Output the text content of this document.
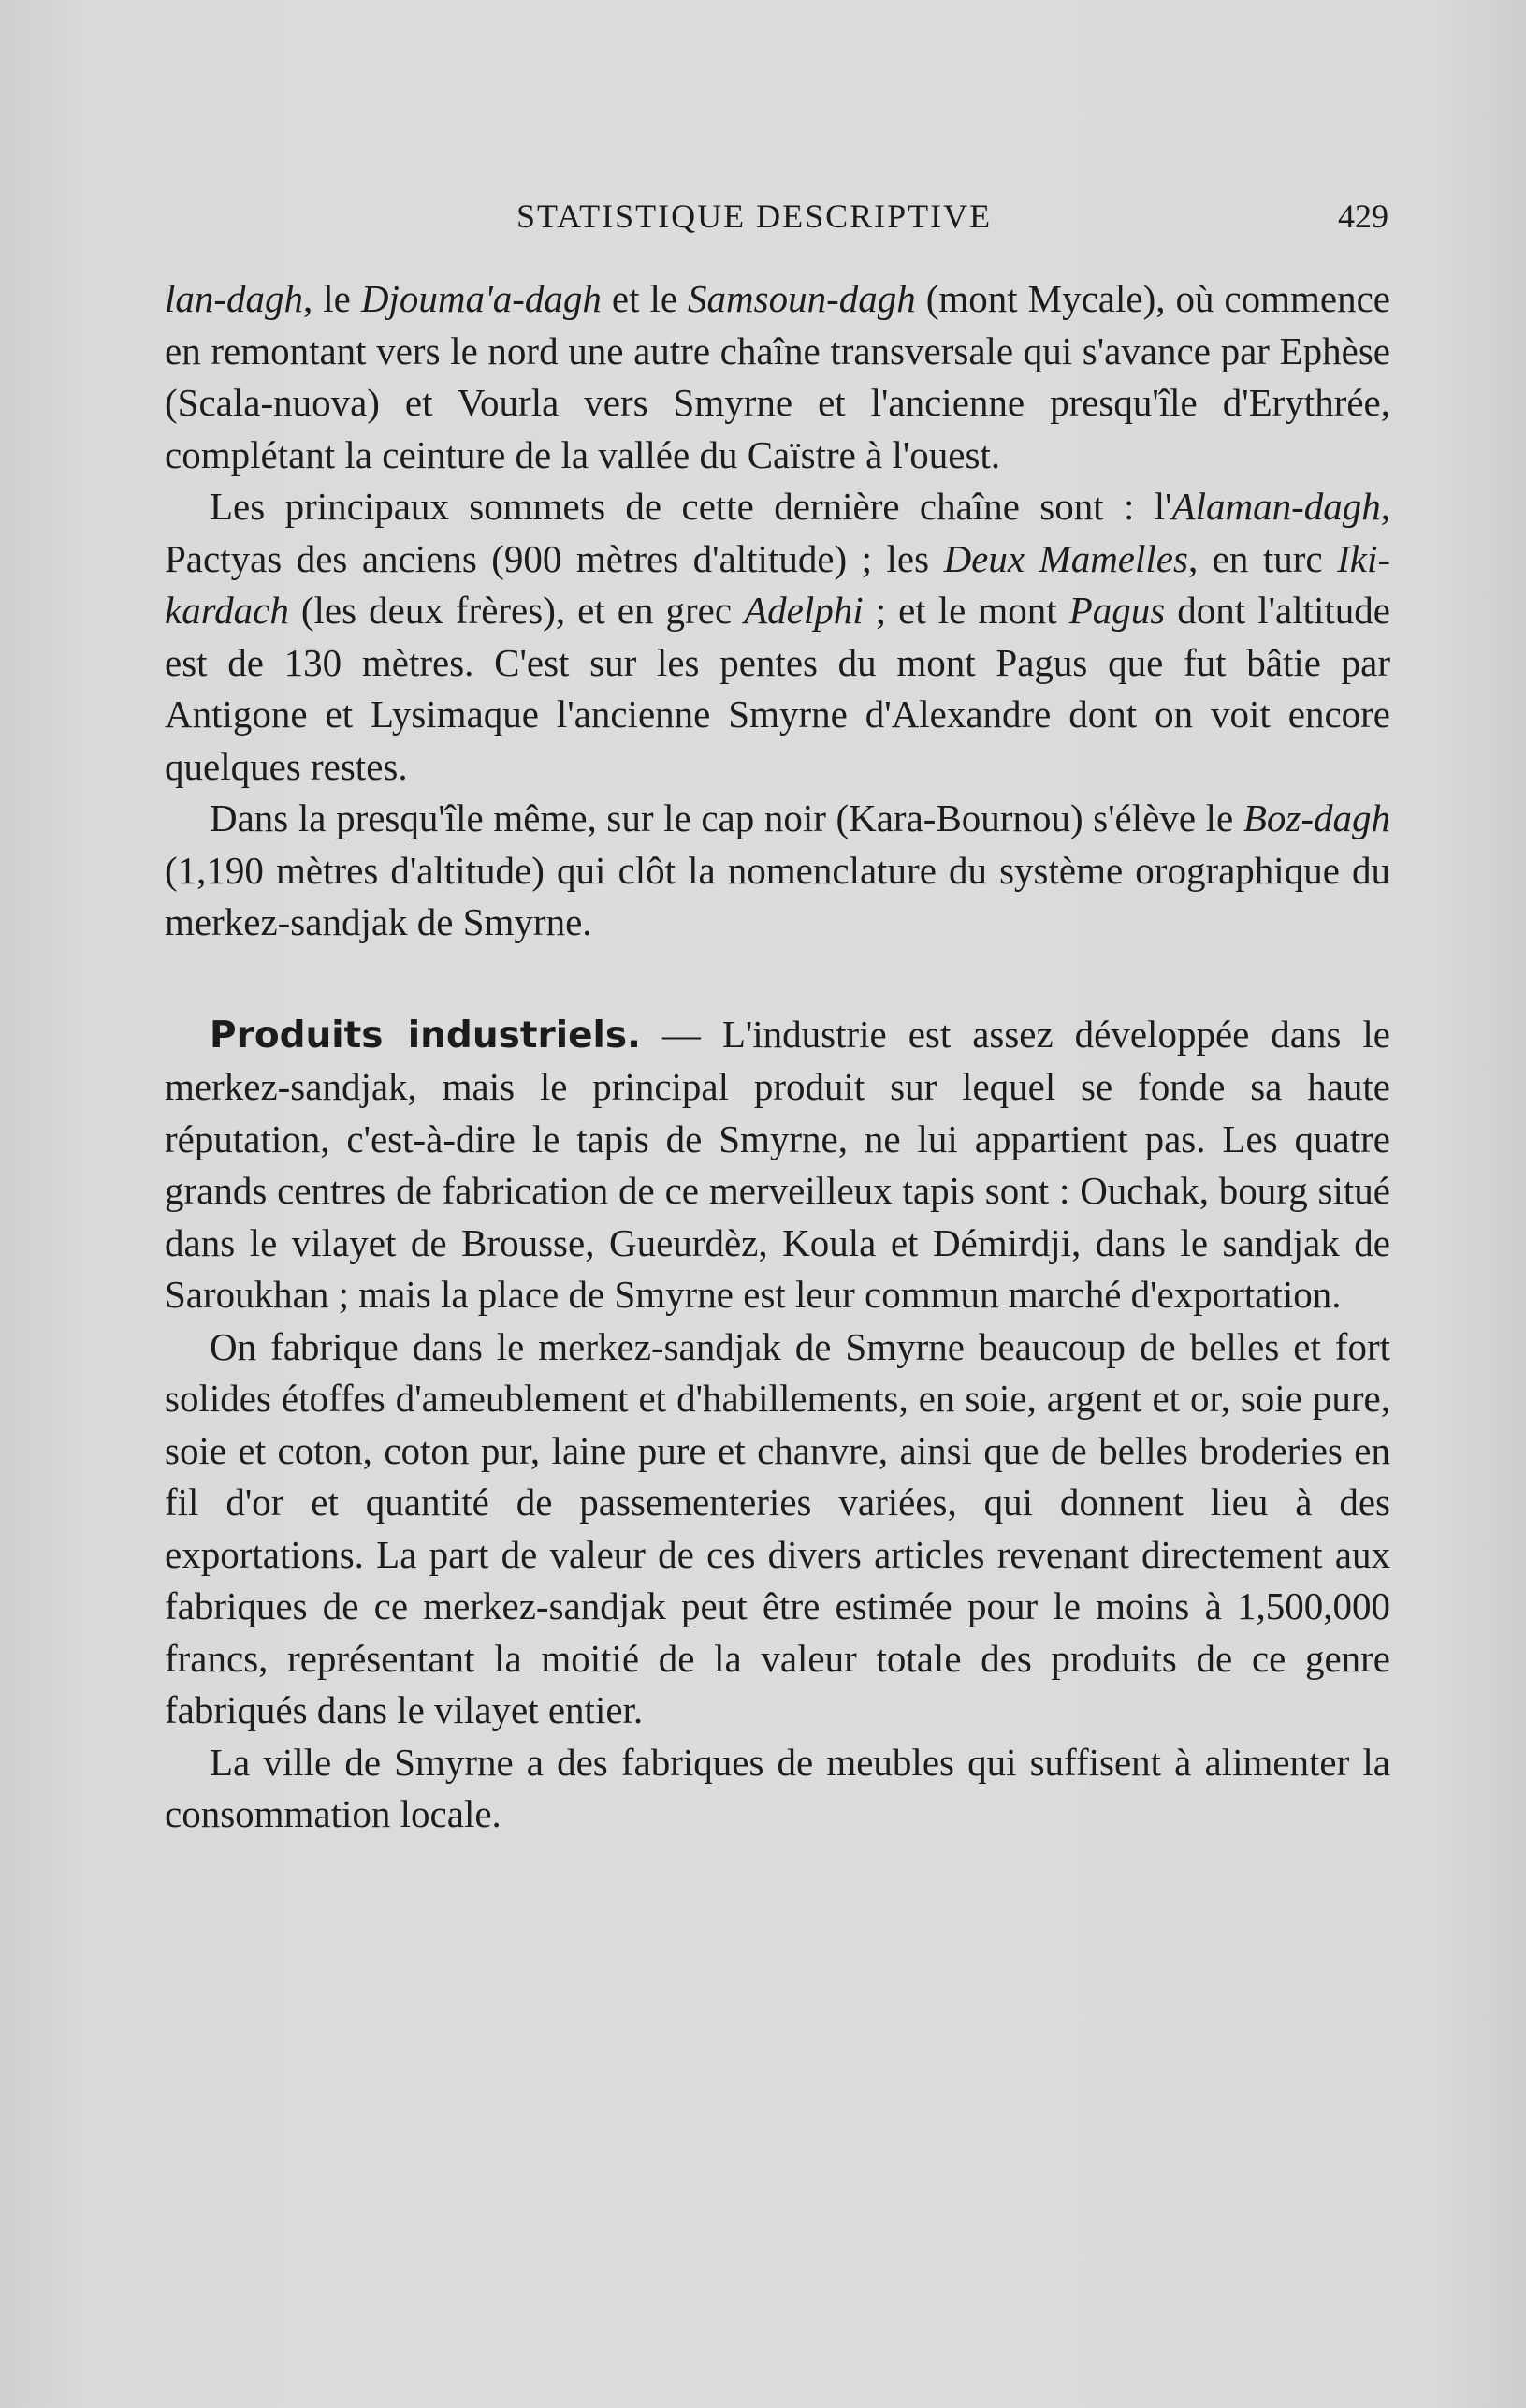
STATISTIQUE DESCRIPTIVE	429

lan-dagh, le Djouma'a-dagh et le Samsoun-dagh (mont Mycale), où commence en remontant vers le nord une autre chaîne transversale qui s'avance par Ephèse (Scala-nuova) et Vourla vers Smyrne et l'ancienne presqu'île d'Erythrée, complétant la ceinture de la vallée du Caïstre à l'ouest.

Les principaux sommets de cette dernière chaîne sont : l'Alaman-dagh, Pactyas des anciens (900 mètres d'altitude) ; les Deux Mamelles, en turc Iki-kardach (les deux frères), et en grec Adelphi ; et le mont Pagus dont l'altitude est de 130 mètres. C'est sur les pentes du mont Pagus que fut bâtie par Antigone et Lysimaque l'ancienne Smyrne d'Alexandre dont on voit encore quelques restes.

Dans la presqu'île même, sur le cap noir (Kara-Bournou) s'élève le Boz-dagh (1,190 mètres d'altitude) qui clôt la nomenclature du système orographique du merkez-sandjak de Smyrne.

Produits industriels. — L'industrie est assez développée dans le merkez-sandjak, mais le principal produit sur lequel se fonde sa haute réputation, c'est-à-dire le tapis de Smyrne, ne lui appartient pas. Les quatre grands centres de fabrication de ce merveilleux tapis sont : Ouchak, bourg situé dans le vilayet de Brousse, Gueurdèz, Koula et Démirdji, dans le sandjak de Saroukhan ; mais la place de Smyrne est leur commun marché d'exportation.

On fabrique dans le merkez-sandjak de Smyrne beaucoup de belles et fort solides étoffes d'ameublement et d'habillements, en soie, argent et or, soie pure, soie et coton, coton pur, laine pure et chanvre, ainsi que de belles broderies en fil d'or et quantité de passementeries variées, qui donnent lieu à des exportations. La part de valeur de ces divers articles revenant directement aux fabriques de ce merkez-sandjak peut être estimée pour le moins à 1,500,000 francs, représentant la moitié de la valeur totale des produits de ce genre fabriqués dans le vilayet entier.

La ville de Smyrne a des fabriques de meubles qui suffisent à alimenter la consommation locale.
